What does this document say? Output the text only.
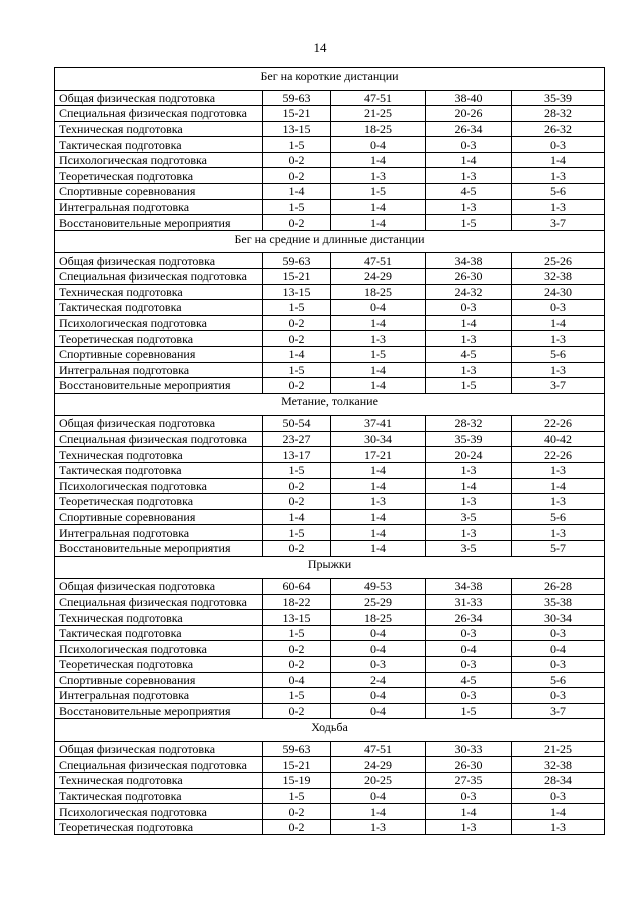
14
Бег на короткие дистанции				

Общая физическая подготовка	59-63	47-51	38-40	35-39
Специальная физическая подготовка	15-21	21-25	20-26	28-32
Техническая подготовка	13-15	18-25	26-34	26-32
Тактическая подготовка	1-5	0-4	0-3	0-3
Психологическая подготовка	0-2	1-4	1-4	1-4
Теоретическая подготовка	0-2	1-3	1-3	1-3
Спортивные соревнования	1-4	1-5	4-5	5-6
Интегральная подготовка	1-5	1-4	1-3	1-3
Восстановительные мероприятия	0-2	1-4	1-5	3-7
Бег на средние и длинные дистанции				

Общая физическая подготовка	59-63	47-51	34-38	25-26
Специальная физическая подготовка	15-21	24-29	26-30	32-38
Техническая подготовка	13-15	18-25	24-32	24-30
Тактическая подготовка	1-5	0-4	0-3	0-3
Психологическая подготовка	0-2	1-4	1-4	1-4
Теоретическая подготовка	0-2	1-3	1-3	1-3
Спортивные соревнования	1-4	1-5	4-5	5-6
Интегральная подготовка	1-5	1-4	1-3	1-3
Восстановительные мероприятия	0-2	1-4	1-5	3-7
Метание, толкание				

Общая физическая подготовка	50-54	37-41	28-32	22-26
Специальная физическая подготовка	23-27	30-34	35-39	40-42
Техническая подготовка	13-17	17-21	20-24	22-26
Тактическая подготовка	1-5	1-4	1-3	1-3
Психологическая подготовка	0-2	1-4	1-4	1-4
Теоретическая подготовка	0-2	1-3	1-3	1-3
Спортивные соревнования	1-4	1-4	3-5	5-6
Интегральная подготовка	1-5	1-4	1-3	1-3
Восстановительные мероприятия	0-2	1-4	3-5	5-7
Прыжки				

Общая физическая подготовка	60-64	49-53	34-38	26-28
Специальная физическая подготовка	18-22	25-29	31-33	35-38
Техническая подготовка	13-15	18-25	26-34	30-34
Тактическая подготовка	1-5	0-4	0-3	0-3
Психологическая подготовка	0-2	0-4	0-4	0-4
Теоретическая подготовка	0-2	0-3	0-3	0-3
Спортивные соревнования	0-4	2-4	4-5	5-6
Интегральная подготовка	1-5	0-4	0-3	0-3
Восстановительные мероприятия	0-2	0-4	1-5	3-7
Ходьба				

Общая физическая подготовка	59-63	47-51	30-33	21-25
Специальная физическая подготовка	15-21	24-29	26-30	32-38
Техническая подготовка	15-19	20-25	27-35	28-34
Тактическая подготовка	1-5	0-4	0-3	0-3
Психологическая подготовка	0-2	1-4	1-4	1-4
Теоретическая подготовка	0-2	1-3	1-3	1-3
